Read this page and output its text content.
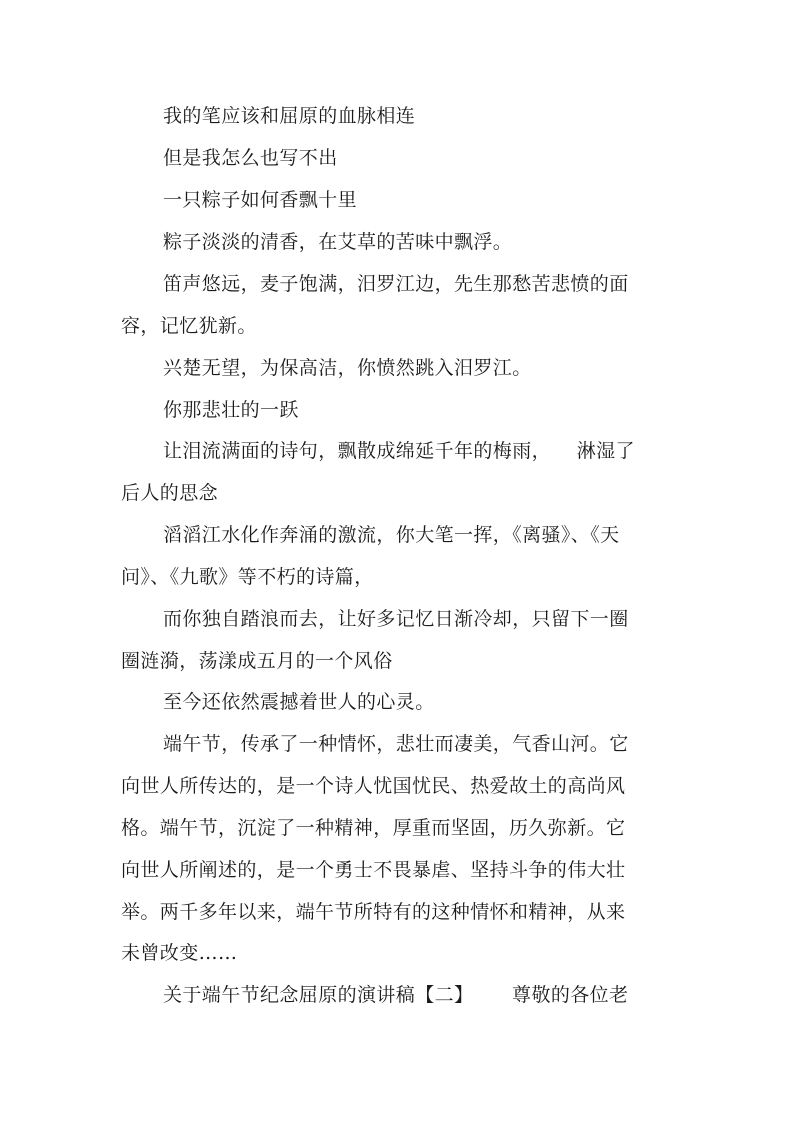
我的笔应该和屈原的血脉相连
但是我怎么也写不出
一只粽子如何香飘十里
粽子淡淡的清香，在艾草的苦味中飘浮。
笛声悠远，麦子饱满，汨罗江边，先生那愁苦悲愤的面
容，记忆犹新。
兴楚无望，为保高洁，你愤然跳入汨罗江。
你那悲壮的一跃
让泪流满面的诗句，飘散成绵延千年的梅雨，    淋湿了
后人的思念
滔滔江水化作奔涌的激流，你大笔一挥，《离骚》、《天
问》、《九歌》等不朽的诗篇，
而你独自踏浪而去，让好多记忆日渐冷却，只留下一圈
圈涟漪，荡漾成五月的一个风俗
至今还依然震撼着世人的心灵。
端午节，传承了一种情怀，悲壮而凄美，气香山河。它
向世人所传达的，是一个诗人忧国忧民、热爱故土的高尚风
格。端午节，沉淀了一种精神，厚重而坚固，历久弥新。它
向世人所阐述的，是一个勇士不畏暴虐、坚持斗争的伟大壮
举。两千多年以来，端午节所特有的这种情怀和精神，从来
未曾改变……
关于端午节纪念屈原的演讲稿【二】      尊敬的各位老
